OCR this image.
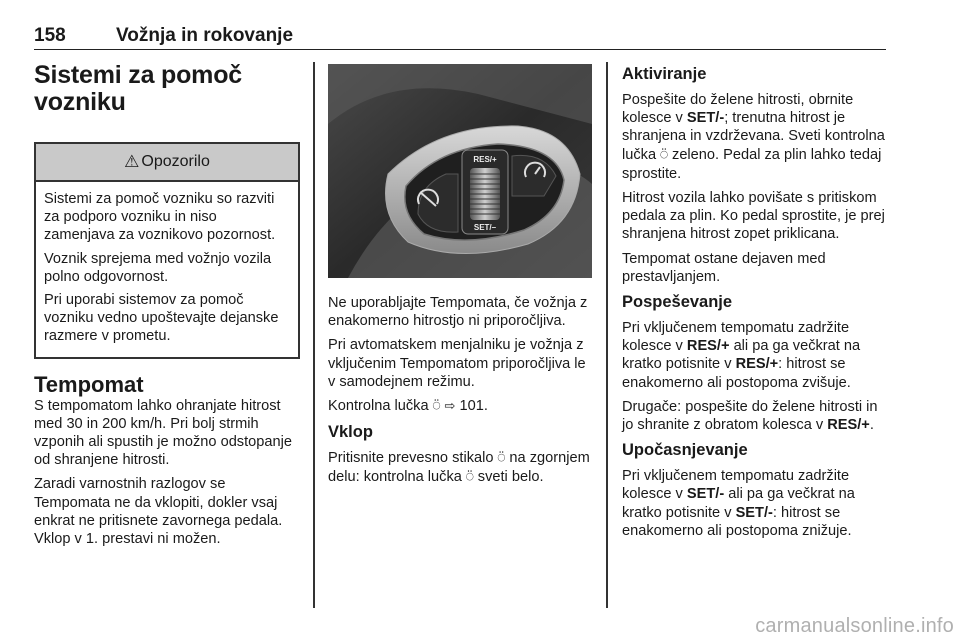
158	Vožnja in rokovanje
Sistemi za pomoč
vozniku
⚠ Opozorilo

Sistemi za pomoč vozniku so razviti za podporo vozniku in niso zamenjava za voznikovo pozornost.

Voznik sprejema med vožnjo vozila polno odgovornost.

Pri uporabi sistemov za pomoč vozniku vedno upoštevajte dejanske razmere v prometu.

Tempomat

S tempomatom lahko ohranjate hitrost med 30 in 200 km/h. Pri bolj strmih vzponih ali spustih je možno odstopanje od shranjene hitrosti.

Zaradi varnostnih razlogov se Tempomata ne da vklopiti, dokler vsaj enkrat ne pritisnete zavornega pedala. Vklop v 1. prestavi ni možen.

RES/+
SET/–

Ne uporabljajte Tempomata, če vožnja z enakomerno hitrostjo ni priporočljiva.

Pri avtomatskem menjalniku je vožnja z vključenim Tempomatom priporočljiva le v samodejnem režimu.

Kontrolna lučka ⍥ ⇨ 101.

Vklop

Pritisnite prevesno stikalo ⍥ na zgornjem delu: kontrolna lučka ⍥ sveti belo.

Aktiviranje

Pospešite do želene hitrosti, obrnite kolesce v SET/-; trenutna hitrost je shranjena in vzdrževana. Sveti kontrolna lučka ⍥ zeleno. Pedal za plin lahko tedaj sprostite.

Hitrost vozila lahko povišate s pritiskom pedala za plin. Ko pedal sprostite, je prej shranjena hitrost zopet priklicana.

Tempomat ostane dejaven med prestavljanjem.

Pospeševanje

Pri vključenem tempomatu zadržite kolesce v RES/+ ali pa ga večkrat na kratko potisnite v RES/+: hitrost se enakomerno ali postopoma zvišuje.

Drugače: pospešite do želene hitrosti in jo shranite z obratom kolesca v RES/+.

Upočasnjevanje

Pri vključenem tempomatu zadržite kolesce v SET/- ali pa ga večkrat na kratko potisnite v SET/-: hitrost se enakomerno ali postopoma znižuje.

carmanualsonline.info
